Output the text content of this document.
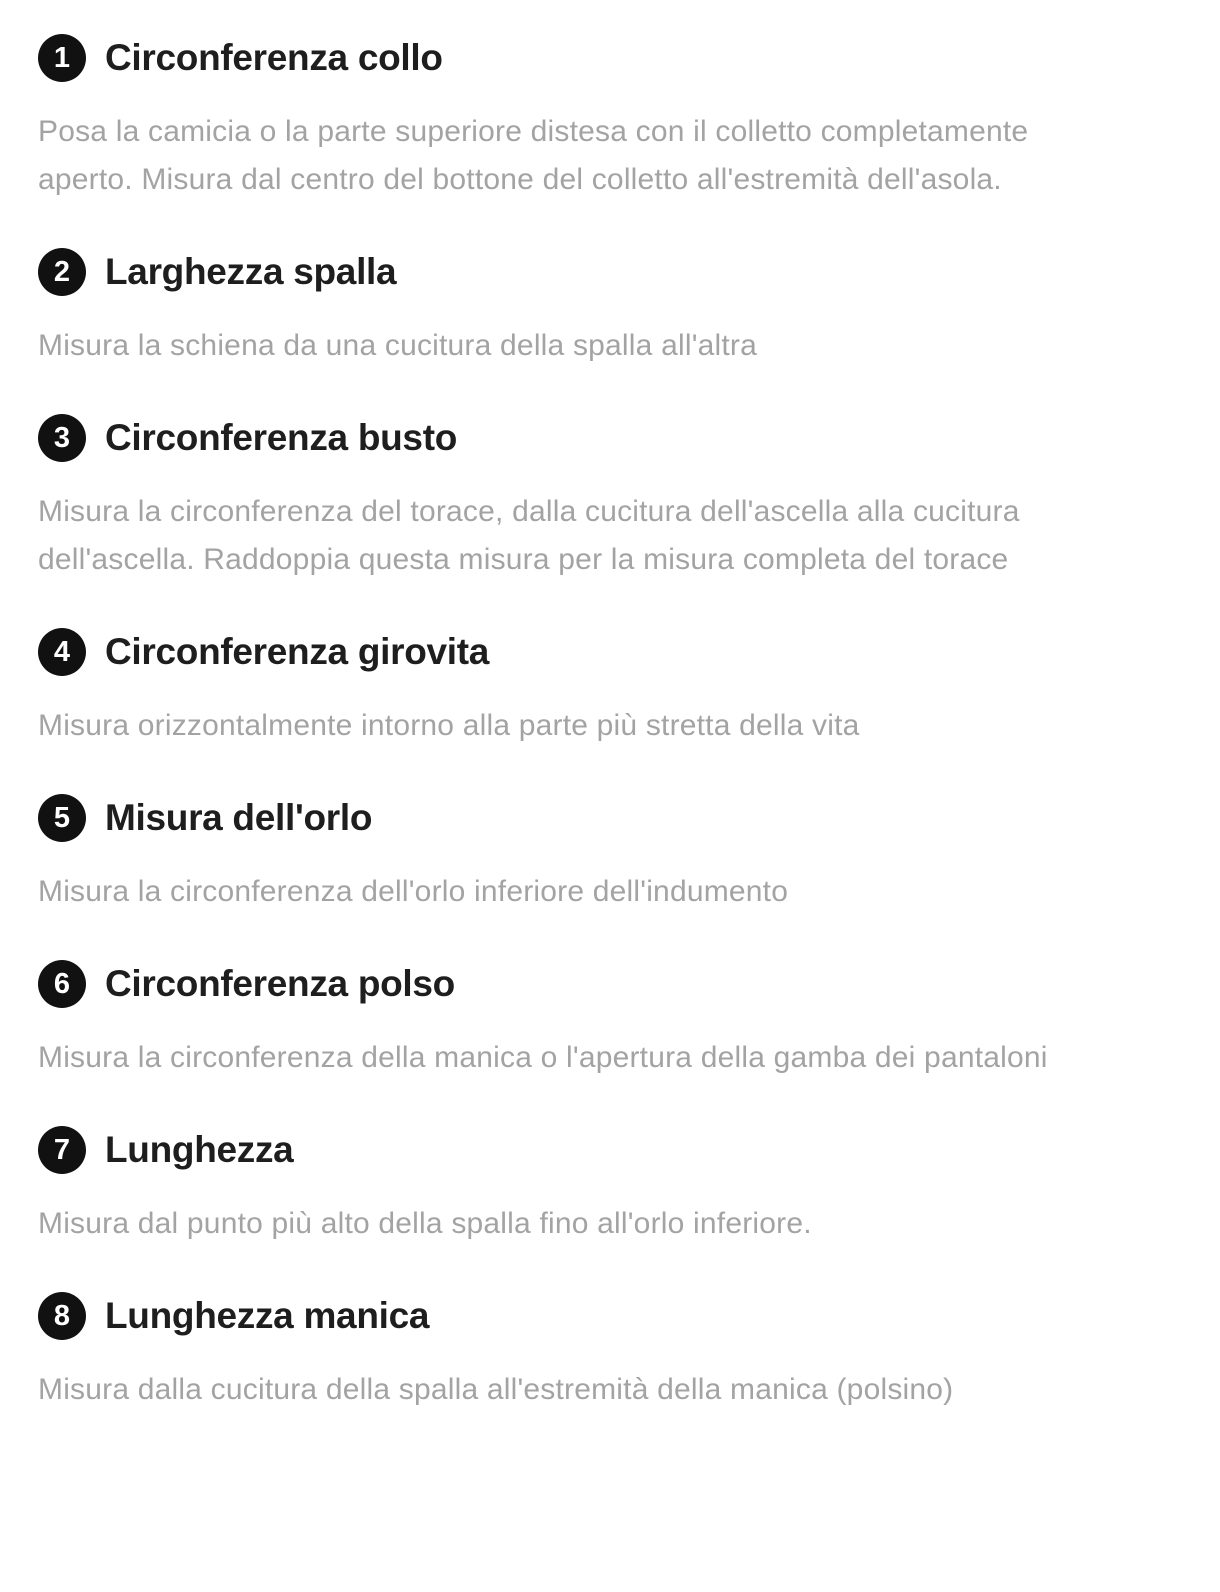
1 Circonferenza collo

Posa la camicia o la parte superiore distesa con il colletto completamente aperto. Misura dal centro del bottone del colletto all'estremità dell'asola.

2 Larghezza spalla

Misura la schiena da una cucitura della spalla all'altra

3 Circonferenza busto

Misura la circonferenza del torace, dalla cucitura dell'ascella alla cucitura dell'ascella. Raddoppia questa misura per la misura completa del torace

4 Circonferenza girovita

Misura orizzontalmente intorno alla parte più stretta della vita

5 Misura dell'orlo

Misura la circonferenza dell'orlo inferiore dell'indumento

6 Circonferenza polso

Misura la circonferenza della manica o l'apertura della gamba dei pantaloni

7 Lunghezza

Misura dal punto più alto della spalla fino all'orlo inferiore.

8 Lunghezza manica

Misura dalla cucitura della spalla all'estremità della manica (polsino)
